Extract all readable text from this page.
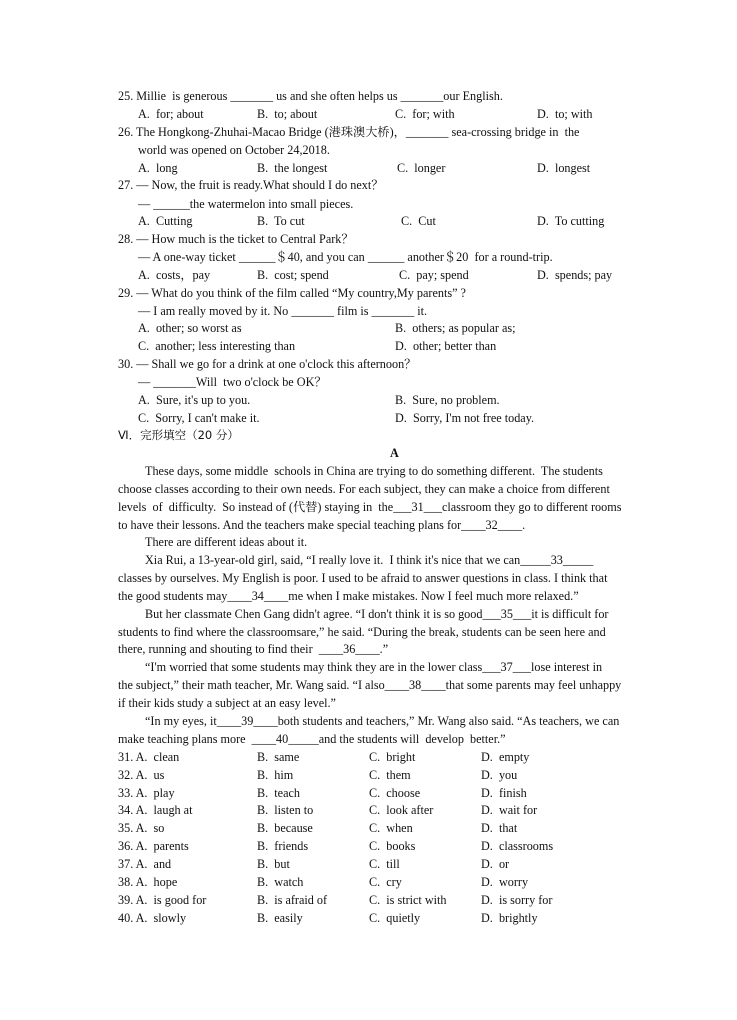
25. Millie  is generous _______ us and she often helps us _______our English.
A.  for; about	B.  to; about	C.  for; with	D.  to; with
26. The Hongkong-Zhuhai-Macao Bridge (港珠澳大桥)，_______ sea-crossing bridge in  the
world was opened on October 24,2018.
A.  long	B.  the longest	C.  longer	D.  longest
27. — Now, the fruit is ready.What should I do next？
— ______the watermelon into small pieces.
A.  Cutting	B.  To cut	C.  Cut	D.  To cutting
28. — How much is the ticket to Central Park？
— A one-way ticket ______＄40, and you can ______ another＄20  for a round-trip.
A.  costs，pay	B.  cost; spend	C.  pay; spend	D.  spends; pay
29. — What do you think of the film called “My country,My parents” ?
— I am really moved by it. No _______ film is _______ it.
A.  other; so worst as	B.  others; as popular as;
C.  another; less interesting than	D.  other; better than
30. — Shall we go for a drink at one o'clock this afternoon？
— _______Will  two o'clock be OK？
A.  Sure, it's up to you.	B.  Sure, no problem.
C.  Sorry, I can't make it.	D.  Sorry, I'm not free today.
Ⅵ．完形填空（20 分）
A
These days, some middle  schools in China are trying to do something different.  The students
choose classes according to their own needs. For each subject, they can make a choice from different
levels  of  difficulty.  So instead of (代替) staying in  the___31___classroom they go to different rooms
to have their lessons. And the teachers make special teaching plans for____32____.
There are different ideas about it.
Xia Rui, a 13-year-old girl, said, “I really love it.  I think it's nice that we can_____33_____
classes by ourselves. My English is poor. I used to be afraid to answer questions in class. I think that
the good students may____34____me when I make mistakes. Now I feel much more relaxed.”
But her classmate Chen Gang didn't agree. “I don't think it is so good___35___it is difficult for
students to find where the classroomsare,” he said. “During the break, students can be seen here and
there, running and shouting to find their  ____36____.”
“I'm worried that some students may think they are in the lower class___37___lose interest in
the subject,” their math teacher, Mr. Wang said. “I also____38____that some parents may feel unhappy
if their kids study a subject at an easy level.”
“In my eyes, it____39____both students and teachers,” Mr. Wang also said. “As teachers, we can
make teaching plans more  ____40_____and the students will  develop  better.”
31. A.  clean	B.  same	C.  bright	D.  empty
32. A.  us	B.  him	C.  them	D.  you
33. A.  play	B.  teach	C.  choose	D.  finish
34. A.  laugh at	B.  listen to	C.  look after	D.  wait for
35. A.  so	B.  because	C.  when	D.  that
36. A.  parents	B.  friends	C.  books	D.  classrooms
37. A.  and	B.  but	C.  till	D.  or
38. A.  hope	B.  watch	C.  cry	D.  worry
39. A.  is good for	B.  is afraid of	C.  is strict with	D.  is sorry for
40. A.  slowly	B.  easily	C.  quietly	D.  brightly
